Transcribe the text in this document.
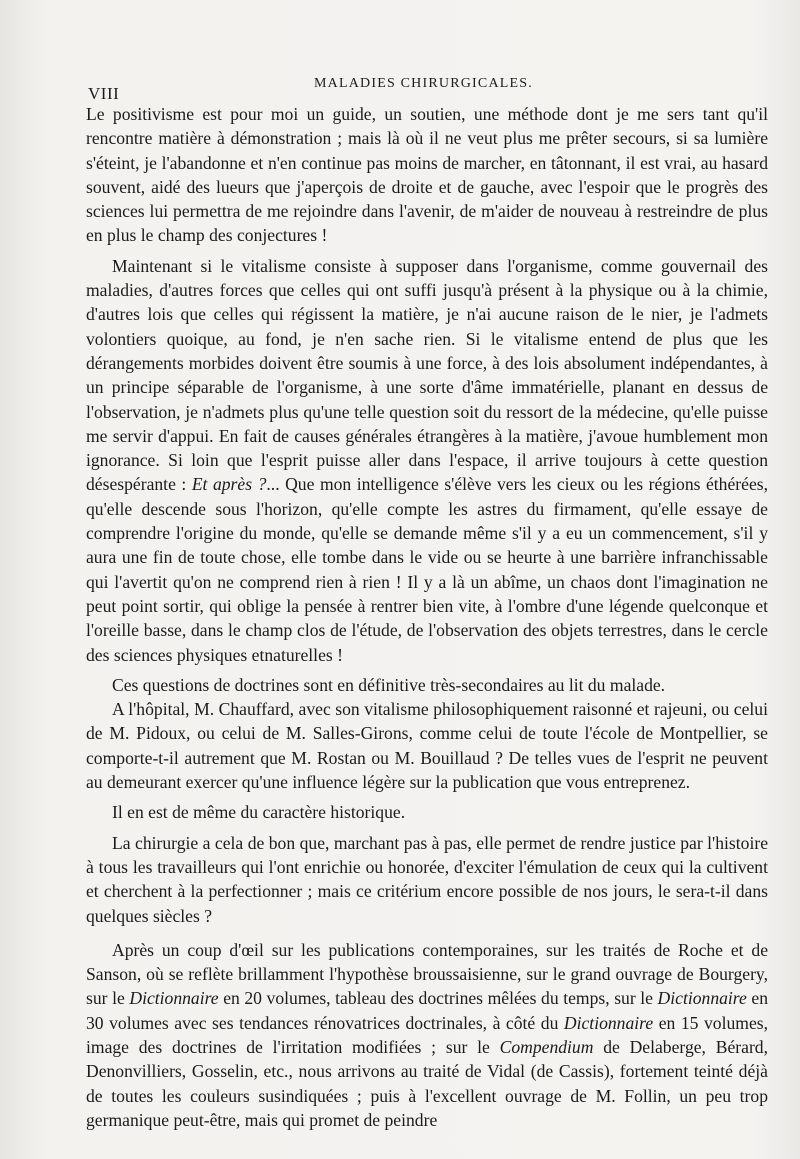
VIII
MALADIES CHIRURGICALES.

Le positivisme est pour moi un guide, un soutien, une méthode dont je me sers tant qu'il rencontre matière à démonstration ; mais là où il ne veut plus me prêter secours, si sa lumière s'éteint, je l'abandonne et n'en continue pas moins de marcher, en tâtonnant, il est vrai, au hasard souvent, aidé des lueurs que j'aperçois de droite et de gauche, avec l'espoir que le progrès des sciences lui permettra de me rejoindre dans l'avenir, de m'aider de nouveau à restreindre de plus en plus le champ des conjectures !

Maintenant si le vitalisme consiste à supposer dans l'organisme, comme gouvernail des maladies, d'autres forces que celles qui ont suffi jusqu'à présent à la physique ou à la chimie, d'autres lois que celles qui régissent la matière, je n'ai aucune raison de le nier, je l'admets volontiers quoique, au fond, je n'en sache rien. Si le vitalisme entend de plus que les dérangements morbides doivent être soumis à une force, à des lois absolument indépendantes, à un principe séparable de l'organisme, à une sorte d'âme immatérielle, planant en dessus de l'observation, je n'admets plus qu'une telle question soit du ressort de la médecine, qu'elle puisse me servir d'appui. En fait de causes générales étrangères à la matière, j'avoue humblement mon ignorance. Si loin que l'esprit puisse aller dans l'espace, il arrive toujours à cette question désespérante : Et après ?... Que mon intelligence s'élève vers les cieux ou les régions éthérées, qu'elle descende sous l'horizon, qu'elle compte les astres du firmament, qu'elle essaye de comprendre l'origine du monde, qu'elle se demande même s'il y a eu un commencement, s'il y aura une fin de toute chose, elle tombe dans le vide ou se heurte à une barrière infranchissable qui l'avertit qu'on ne comprend rien à rien ! Il y a là un abîme, un chaos dont l'imagination ne peut point sortir, qui oblige la pensée à rentrer bien vite, à l'ombre d'une légende quelconque et l'oreille basse, dans le champ clos de l'étude, de l'observation des objets terrestres, dans le cercle des sciences physiques etnaturelles !

Ces questions de doctrines sont en définitive très-secondaires au lit du malade.

A l'hôpital, M. Chauffard, avec son vitalisme philosophiquement raisonné et rajeuni, ou celui de M. Pidoux, ou celui de M. Salles-Girons, comme celui de toute l'école de Montpellier, se comporte-t-il autrement que M. Rostan ou M. Bouillaud ? De telles vues de l'esprit ne peuvent au demeurant exercer qu'une influence légère sur la publication que vous entreprenez.

Il en est de même du caractère historique.

La chirurgie a cela de bon que, marchant pas à pas, elle permet de rendre justice par l'histoire à tous les travailleurs qui l'ont enrichie ou honorée, d'exciter l'émulation de ceux qui la cultivent et cherchent à la perfectionner ; mais ce critérium encore possible de nos jours, le sera-t-il dans quelques siècles ?

Après un coup d'œil sur les publications contemporaines, sur les traités de Roche et de Sanson, où se reflète brillamment l'hypothèse broussaisienne, sur le grand ouvrage de Bourgery, sur le Dictionnaire en 20 volumes, tableau des doctrines mêlées du temps, sur le Dictionnaire en 30 volumes avec ses tendances rénovatrices doctrinales, à côté du Dictionnaire en 15 volumes, image des doctrines de l'irritation modifiées ; sur le Compendium de Delaberge, Bérard, Denonvilliers, Gosselin, etc., nous arrivons au traité de Vidal (de Cassis), fortement teinté déjà de toutes les couleurs susindiquées ; puis à l'excellent ouvrage de M. Follin, un peu trop germanique peut-être, mais qui promet de peindre
